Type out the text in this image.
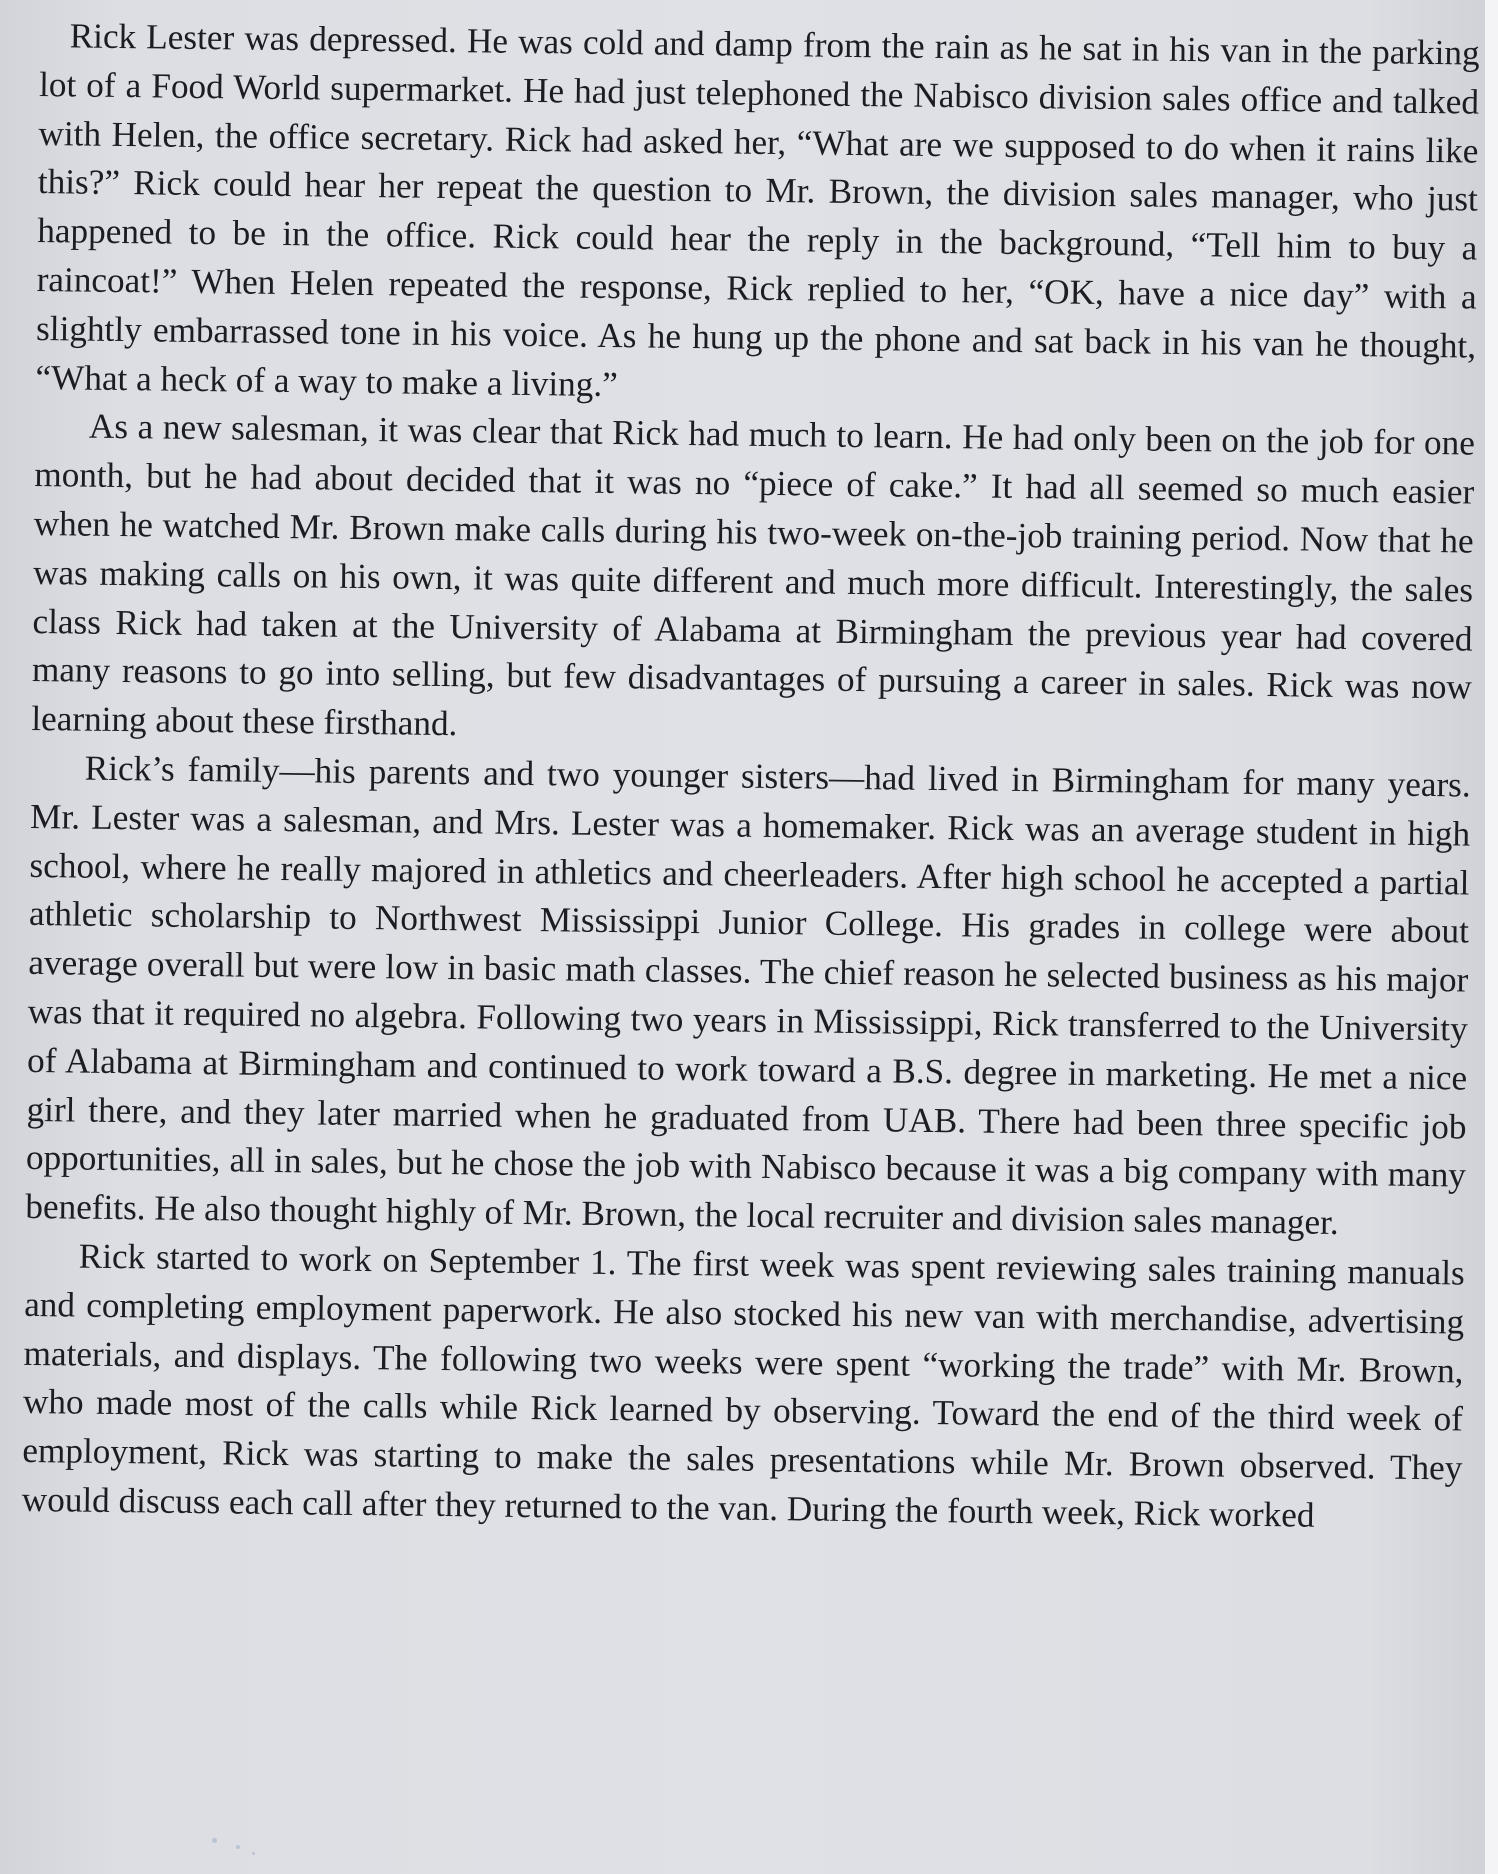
Rick Lester was depressed. He was cold and damp from the rain as he sat in his van in the parking lot of a Food World supermarket. He had just telephoned the Nabisco division sales office and talked with Helen, the office secretary. Rick had asked her, “What are we supposed to do when it rains like this?” Rick could hear her repeat the question to Mr. Brown, the division sales manager, who just happened to be in the office. Rick could hear the reply in the background, “Tell him to buy a raincoat!” When Helen repeated the response, Rick replied to her, “OK, have a nice day” with a slightly embarrassed tone in his voice. As he hung up the phone and sat back in his van he thought, “What a heck of a way to make a living.”

As a new salesman, it was clear that Rick had much to learn. He had only been on the job for one month, but he had about decided that it was no “piece of cake.” It had all seemed so much easier when he watched Mr. Brown make calls during his two-week on-the-job training period. Now that he was making calls on his own, it was quite different and much more difficult. Interestingly, the sales class Rick had taken at the University of Alabama at Birmingham the previous year had covered many reasons to go into selling, but few disadvantages of pursuing a career in sales. Rick was now learning about these firsthand.

Rick’s family—his parents and two younger sisters—had lived in Birmingham for many years. Mr. Lester was a salesman, and Mrs. Lester was a homemaker. Rick was an average student in high school, where he really majored in athletics and cheerleaders. After high school he accepted a partial athletic scholarship to Northwest Mississippi Junior College. His grades in college were about average overall but were low in basic math classes. The chief reason he selected business as his major was that it required no algebra. Following two years in Mississippi, Rick transferred to the University of Alabama at Birmingham and continued to work toward a B.S. degree in marketing. He met a nice girl there, and they later married when he graduated from UAB. There had been three specific job opportunities, all in sales, but he chose the job with Nabisco because it was a big company with many benefits. He also thought highly of Mr. Brown, the local recruiter and division sales manager.

Rick started to work on September 1. The first week was spent reviewing sales training manuals and completing employment paperwork. He also stocked his new van with merchandise, advertising materials, and displays. The following two weeks were spent “working the trade” with Mr. Brown, who made most of the calls while Rick learned by observing. Toward the end of the third week of employment, Rick was starting to make the sales presentations while Mr. Brown observed. They would discuss each call after they returned to the van. During the fourth week, Rick worked
